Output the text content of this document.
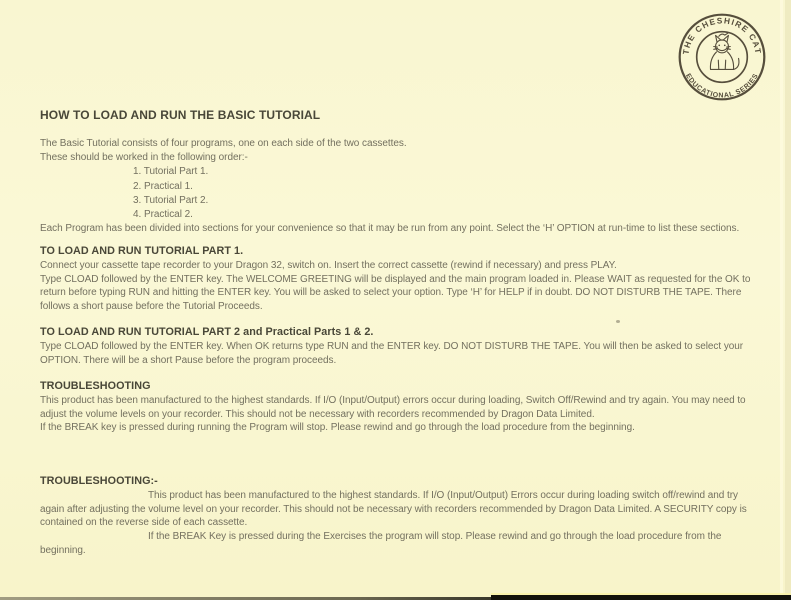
THE CHESHIRE CAT
EDUCATIONAL SERIES
HOW TO LOAD AND RUN THE BASIC TUTORIAL
The Basic Tutorial consists of four programs, one on each side of the two cassettes.
These should be worked in the following order:-
1. Tutorial Part 1.
2. Practical 1.
3. Tutorial Part 2.
4. Practical 2.
Each Program has been divided into sections for your convenience so that it may be run from any point. Select the ‘H’ OPTION at run-time to list these sections.
TO LOAD AND RUN TUTORIAL PART 1.
Connect your cassette tape recorder to your Dragon 32, switch on. Insert the correct cassette (rewind if necessary) and press PLAY.
Type CLOAD followed by the ENTER key. The WELCOME GREETING will be displayed and the main program loaded in. Please WAIT as requested for the OK to
return before typing RUN and hitting the ENTER key. You will be asked to select your option. Type ‘H’ for HELP if in doubt. DO NOT DISTURB THE TAPE. There
follows a short pause before the Tutorial Proceeds.
TO LOAD AND RUN TUTORIAL PART 2 and Practical Parts 1 & 2.
Type CLOAD followed by the ENTER key. When OK returns type RUN and the ENTER key. DO NOT DISTURB THE TAPE. You will then be asked to select your
OPTION. There will be a short Pause before the program proceeds.
TROUBLESHOOTING
This product has been manufactured to the highest standards. If I/O (Input/Output) errors occur during loading, Switch Off/Rewind and try again. You may need to
adjust the volume levels on your recorder. This should not be necessary with recorders recommended by Dragon Data Limited.
If the BREAK key is pressed during running the Program will stop. Please rewind and go through the load procedure from the beginning.
TROUBLESHOOTING:-
This product has been manufactured to the highest standards. If I/O (Input/Output) Errors occur during loading switch off/rewind and try
again after adjusting the volume level on your recorder. This should not be necessary with recorders recommended by Dragon Data Limited. A SECURITY copy is
contained on the reverse side of each cassette.
If the BREAK Key is pressed during the Exercises the program will stop. Please rewind and go through the load procedure from the
beginning.
